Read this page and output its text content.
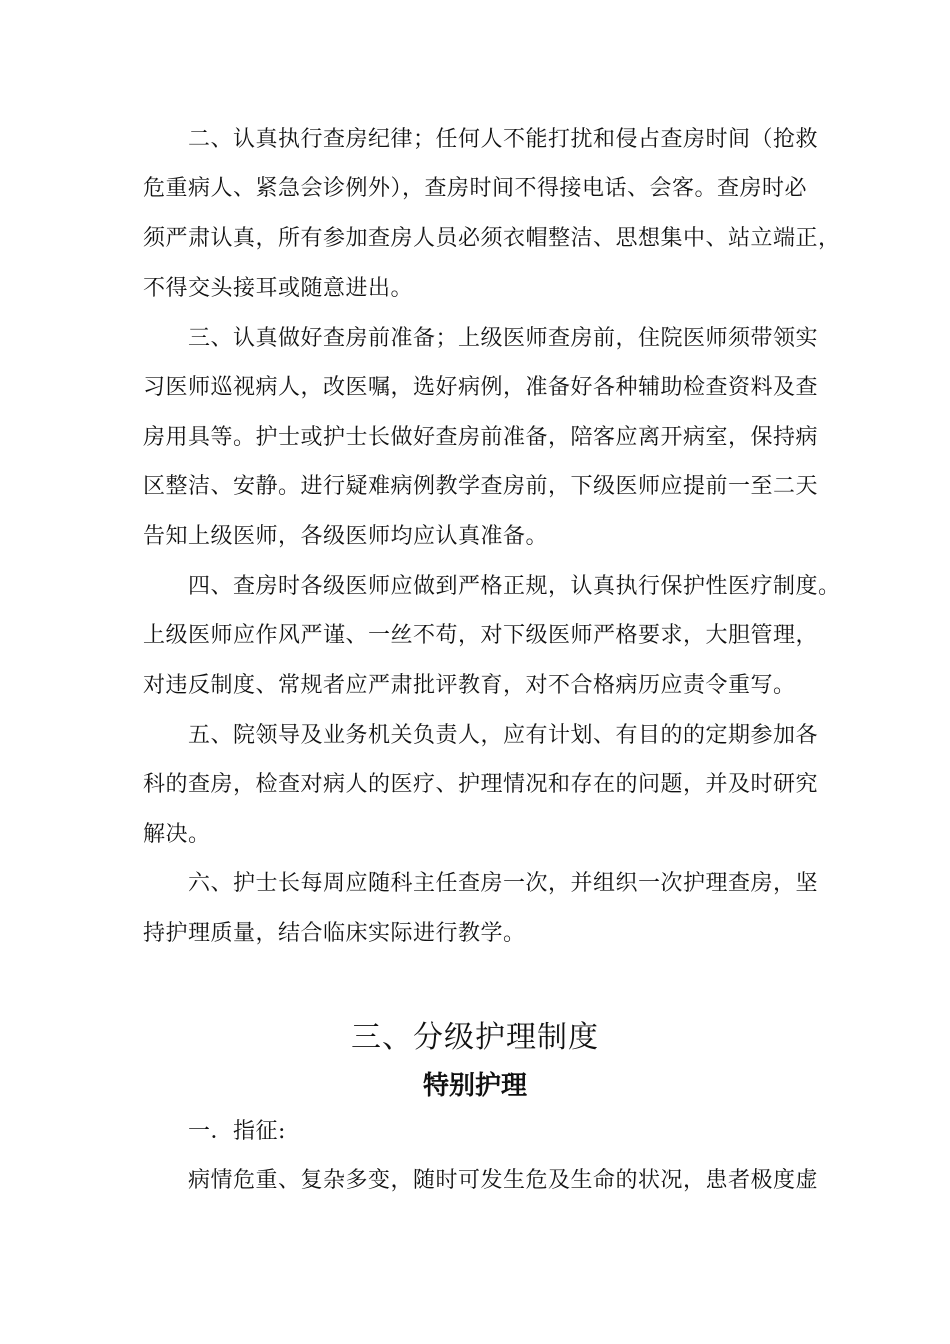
二、认真执行查房纪律；任何人不能打扰和侵占查房时间（抢救
危重病人、紧急会诊例外），查房时间不得接电话、会客。查房时必
须严肃认真，所有参加查房人员必须衣帽整洁、思想集中、站立端正，
不得交头接耳或随意进出。
三、认真做好查房前准备；上级医师查房前，住院医师须带领实
习医师巡视病人，改医嘱，选好病例，准备好各种辅助检查资料及查
房用具等。护士或护士长做好查房前准备，陪客应离开病室，保持病
区整洁、安静。进行疑难病例教学查房前，下级医师应提前一至二天
告知上级医师，各级医师均应认真准备。
四、查房时各级医师应做到严格正规，认真执行保护性医疗制度。
上级医师应作风严谨、一丝不苟，对下级医师严格要求，大胆管理，
对违反制度、常规者应严肃批评教育，对不合格病历应责令重写。
五、院领导及业务机关负责人，应有计划、有目的的定期参加各
科的查房，检查对病人的医疗、护理情况和存在的问题，并及时研究
解决。
六、护士长每周应随科主任查房一次，并组织一次护理查房，坚
持护理质量，结合临床实际进行教学。
三、分级护理制度
特别护理
一．指征:
病情危重、复杂多变，随时可发生危及生命的状况，患者极度虚
